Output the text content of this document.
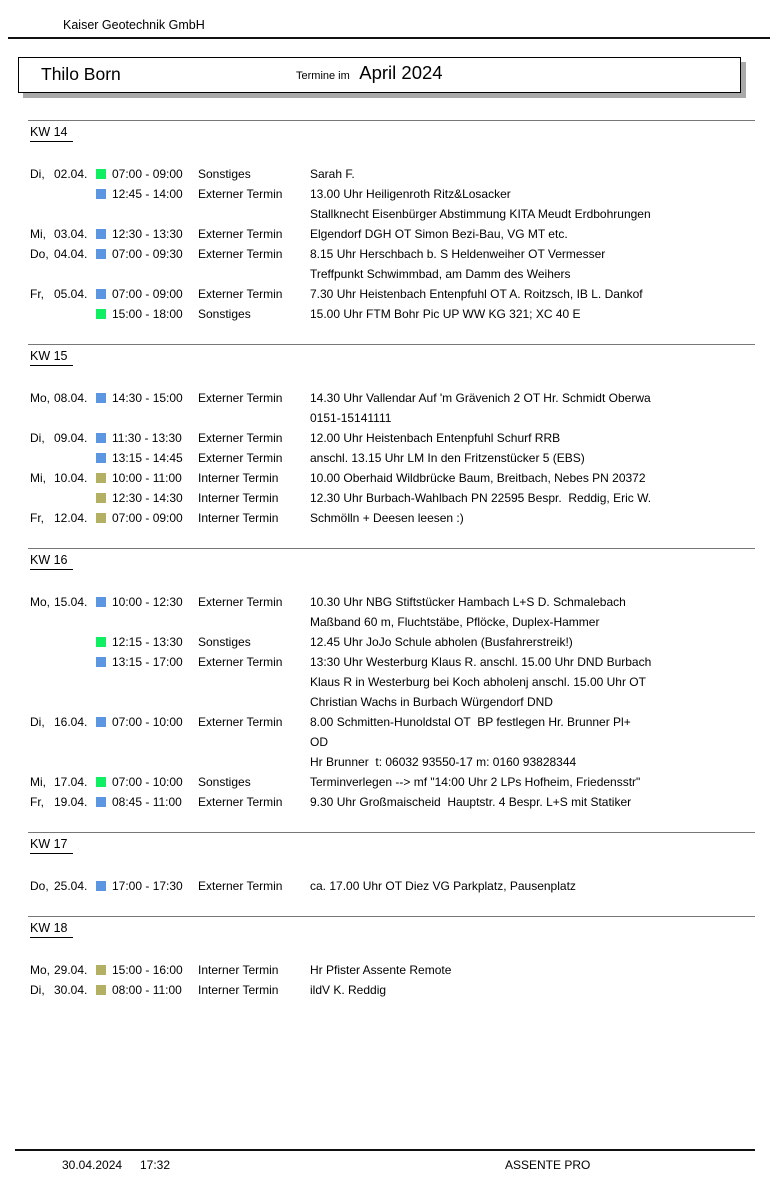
Kaiser Geotechnik GmbH
Thilo Born	Termine im April 2024
KW 14
Di, 02.04.	07:00 - 09:00	Sonstiges	Sarah F.
12:45 - 14:00	Externer Termin	13.00 Uhr Heiligenroth Ritz&Losacker
Stallknecht Eisenbürger Abstimmung KITA Meudt Erdbohrungen
Mi, 03.04.	12:30 - 13:30	Externer Termin	Elgendorf DGH OT Simon Bezi-Bau, VG MT etc.
Do, 04.04.	07:00 - 09:30	Externer Termin	8.15 Uhr Herschbach b. S Heldenweiher OT Vermesser
Treffpunkt Schwimmbad, am Damm des Weihers
Fr, 05.04.	07:00 - 09:00	Externer Termin	7.30 Uhr Heistenbach Entenpfuhl OT A. Roitzsch, IB L. Dankof
15:00 - 18:00	Sonstiges	15.00 Uhr FTM Bohr Pic UP WW KG 321; XC 40 E
KW 15
Mo, 08.04.	14:30 - 15:00	Externer Termin	14.30 Uhr Vallendar Auf 'm Grävenich 2 OT Hr. Schmidt Oberwa
0151-15141111
Di, 09.04.	11:30 - 13:30	Externer Termin	12.00 Uhr Heistenbach Entenpfuhl Schurf RRB
13:15 - 14:45	Externer Termin	anschl. 13.15 Uhr LM In den Fritzenstücker 5 (EBS)
Mi, 10.04.	10:00 - 11:00	Interner Termin	10.00 Oberhaid Wildbrücke Baum, Breitbach, Nebes PN 20372
12:30 - 14:30	Interner Termin	12.30 Uhr Burbach-Wahlbach PN 22595 Bespr.  Reddig, Eric W.
Fr, 12.04.	07:00 - 09:00	Interner Termin	Schmölln + Deesen leesen :)
KW 16
Mo, 15.04.	10:00 - 12:30	Externer Termin	10.30 Uhr NBG Stiftstücker Hambach L+S D. Schmalebach
Maßband 60 m, Fluchtstäbe, Pflöcke, Duplex-Hammer
12:15 - 13:30	Sonstiges	12.45 Uhr JoJo Schule abholen (Busfahrerstreik!)
13:15 - 17:00	Externer Termin	13:30 Uhr Westerburg Klaus R. anschl. 15.00 Uhr DND Burbach
Klaus R in Westerburg bei Koch abholenj anschl. 15.00 Uhr OT
Christian Wachs in Burbach Würgendorf DND
Di, 16.04.	07:00 - 10:00	Externer Termin	8.00 Schmitten-Hunoldstal OT  BP festlegen Hr. Brunner Pl+
OD
Hr Brunner  t: 06032 93550-17 m: 0160 93828344
Mi, 17.04.	07:00 - 10:00	Sonstiges	Terminverlegen --> mf "14:00 Uhr 2 LPs Hofheim, Friedensstr"
Fr, 19.04.	08:45 - 11:00	Externer Termin	9.30 Uhr Großmaischeid  Hauptstr. 4 Bespr. L+S mit Statiker
KW 17
Do, 25.04.	17:00 - 17:30	Externer Termin	ca. 17.00 Uhr OT Diez VG Parkplatz, Pausenplatz
KW 18
Mo, 29.04.	15:00 - 16:00	Interner Termin	Hr Pfister Assente Remote
Di, 30.04.	08:00 - 11:00	Interner Termin	ildV K. Reddig
30.04.2024 17:32	ASSENTE PRO
